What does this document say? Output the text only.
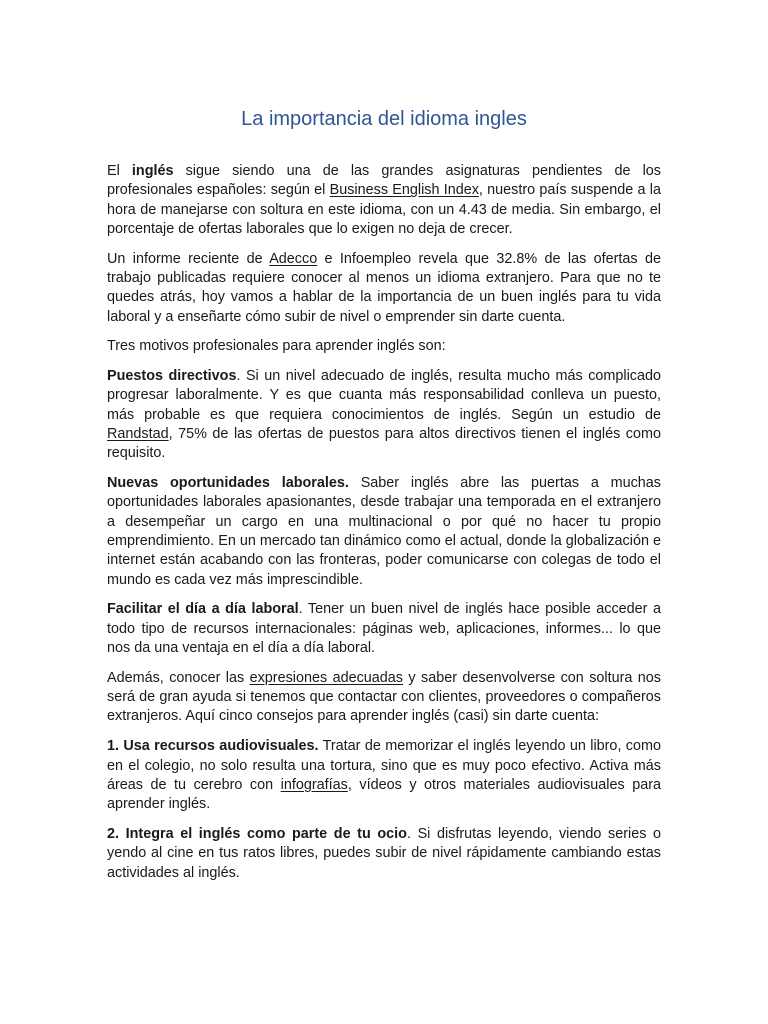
La importancia del idioma ingles

El inglés sigue siendo una de las grandes asignaturas pendientes de los profesionales españoles: según el Business English Index, nuestro país suspende a la hora de manejarse con soltura en este idioma, con un 4.43 de media. Sin embargo, el porcentaje de ofertas laborales que lo exigen no deja de crecer.

Un informe reciente de Adecco e Infoempleo revela que 32.8% de las ofertas de trabajo publicadas requiere conocer al menos un idioma extranjero. Para que no te quedes atrás, hoy vamos a hablar de la importancia de un buen inglés para tu vida laboral y a enseñarte cómo subir de nivel o emprender sin darte cuenta.

Tres motivos profesionales para aprender inglés son:

Puestos directivos. Si un nivel adecuado de inglés, resulta mucho más complicado progresar laboralmente. Y es que cuanta más responsabilidad conlleva un puesto, más probable es que requiera conocimientos de inglés. Según un estudio de Randstad, 75% de las ofertas de puestos para altos directivos tienen el inglés como requisito.

Nuevas oportunidades laborales. Saber inglés abre las puertas a muchas oportunidades laborales apasionantes, desde trabajar una temporada en el extranjero a desempeñar un cargo en una multinacional o por qué no hacer tu propio emprendimiento. En un mercado tan dinámico como el actual, donde la globalización e internet están acabando con las fronteras, poder comunicarse con colegas de todo el mundo es cada vez más imprescindible.

Facilitar el día a día laboral. Tener un buen nivel de inglés hace posible acceder a todo tipo de recursos internacionales: páginas web, aplicaciones, informes... lo que nos da una ventaja en el día a día laboral.

Además, conocer las expresiones adecuadas y saber desenvolverse con soltura nos será de gran ayuda si tenemos que contactar con clientes, proveedores o compañeros extranjeros. Aquí cinco consejos para aprender inglés (casi) sin darte cuenta:

1. Usa recursos audiovisuales. Tratar de memorizar el inglés leyendo un libro, como en el colegio, no solo resulta una tortura, sino que es muy poco efectivo. Activa más áreas de tu cerebro con infografías, vídeos y otros materiales audiovisuales para aprender inglés.

2. Integra el inglés como parte de tu ocio. Si disfrutas leyendo, viendo series o yendo al cine en tus ratos libres, puedes subir de nivel rápidamente cambiando estas actividades al inglés.
